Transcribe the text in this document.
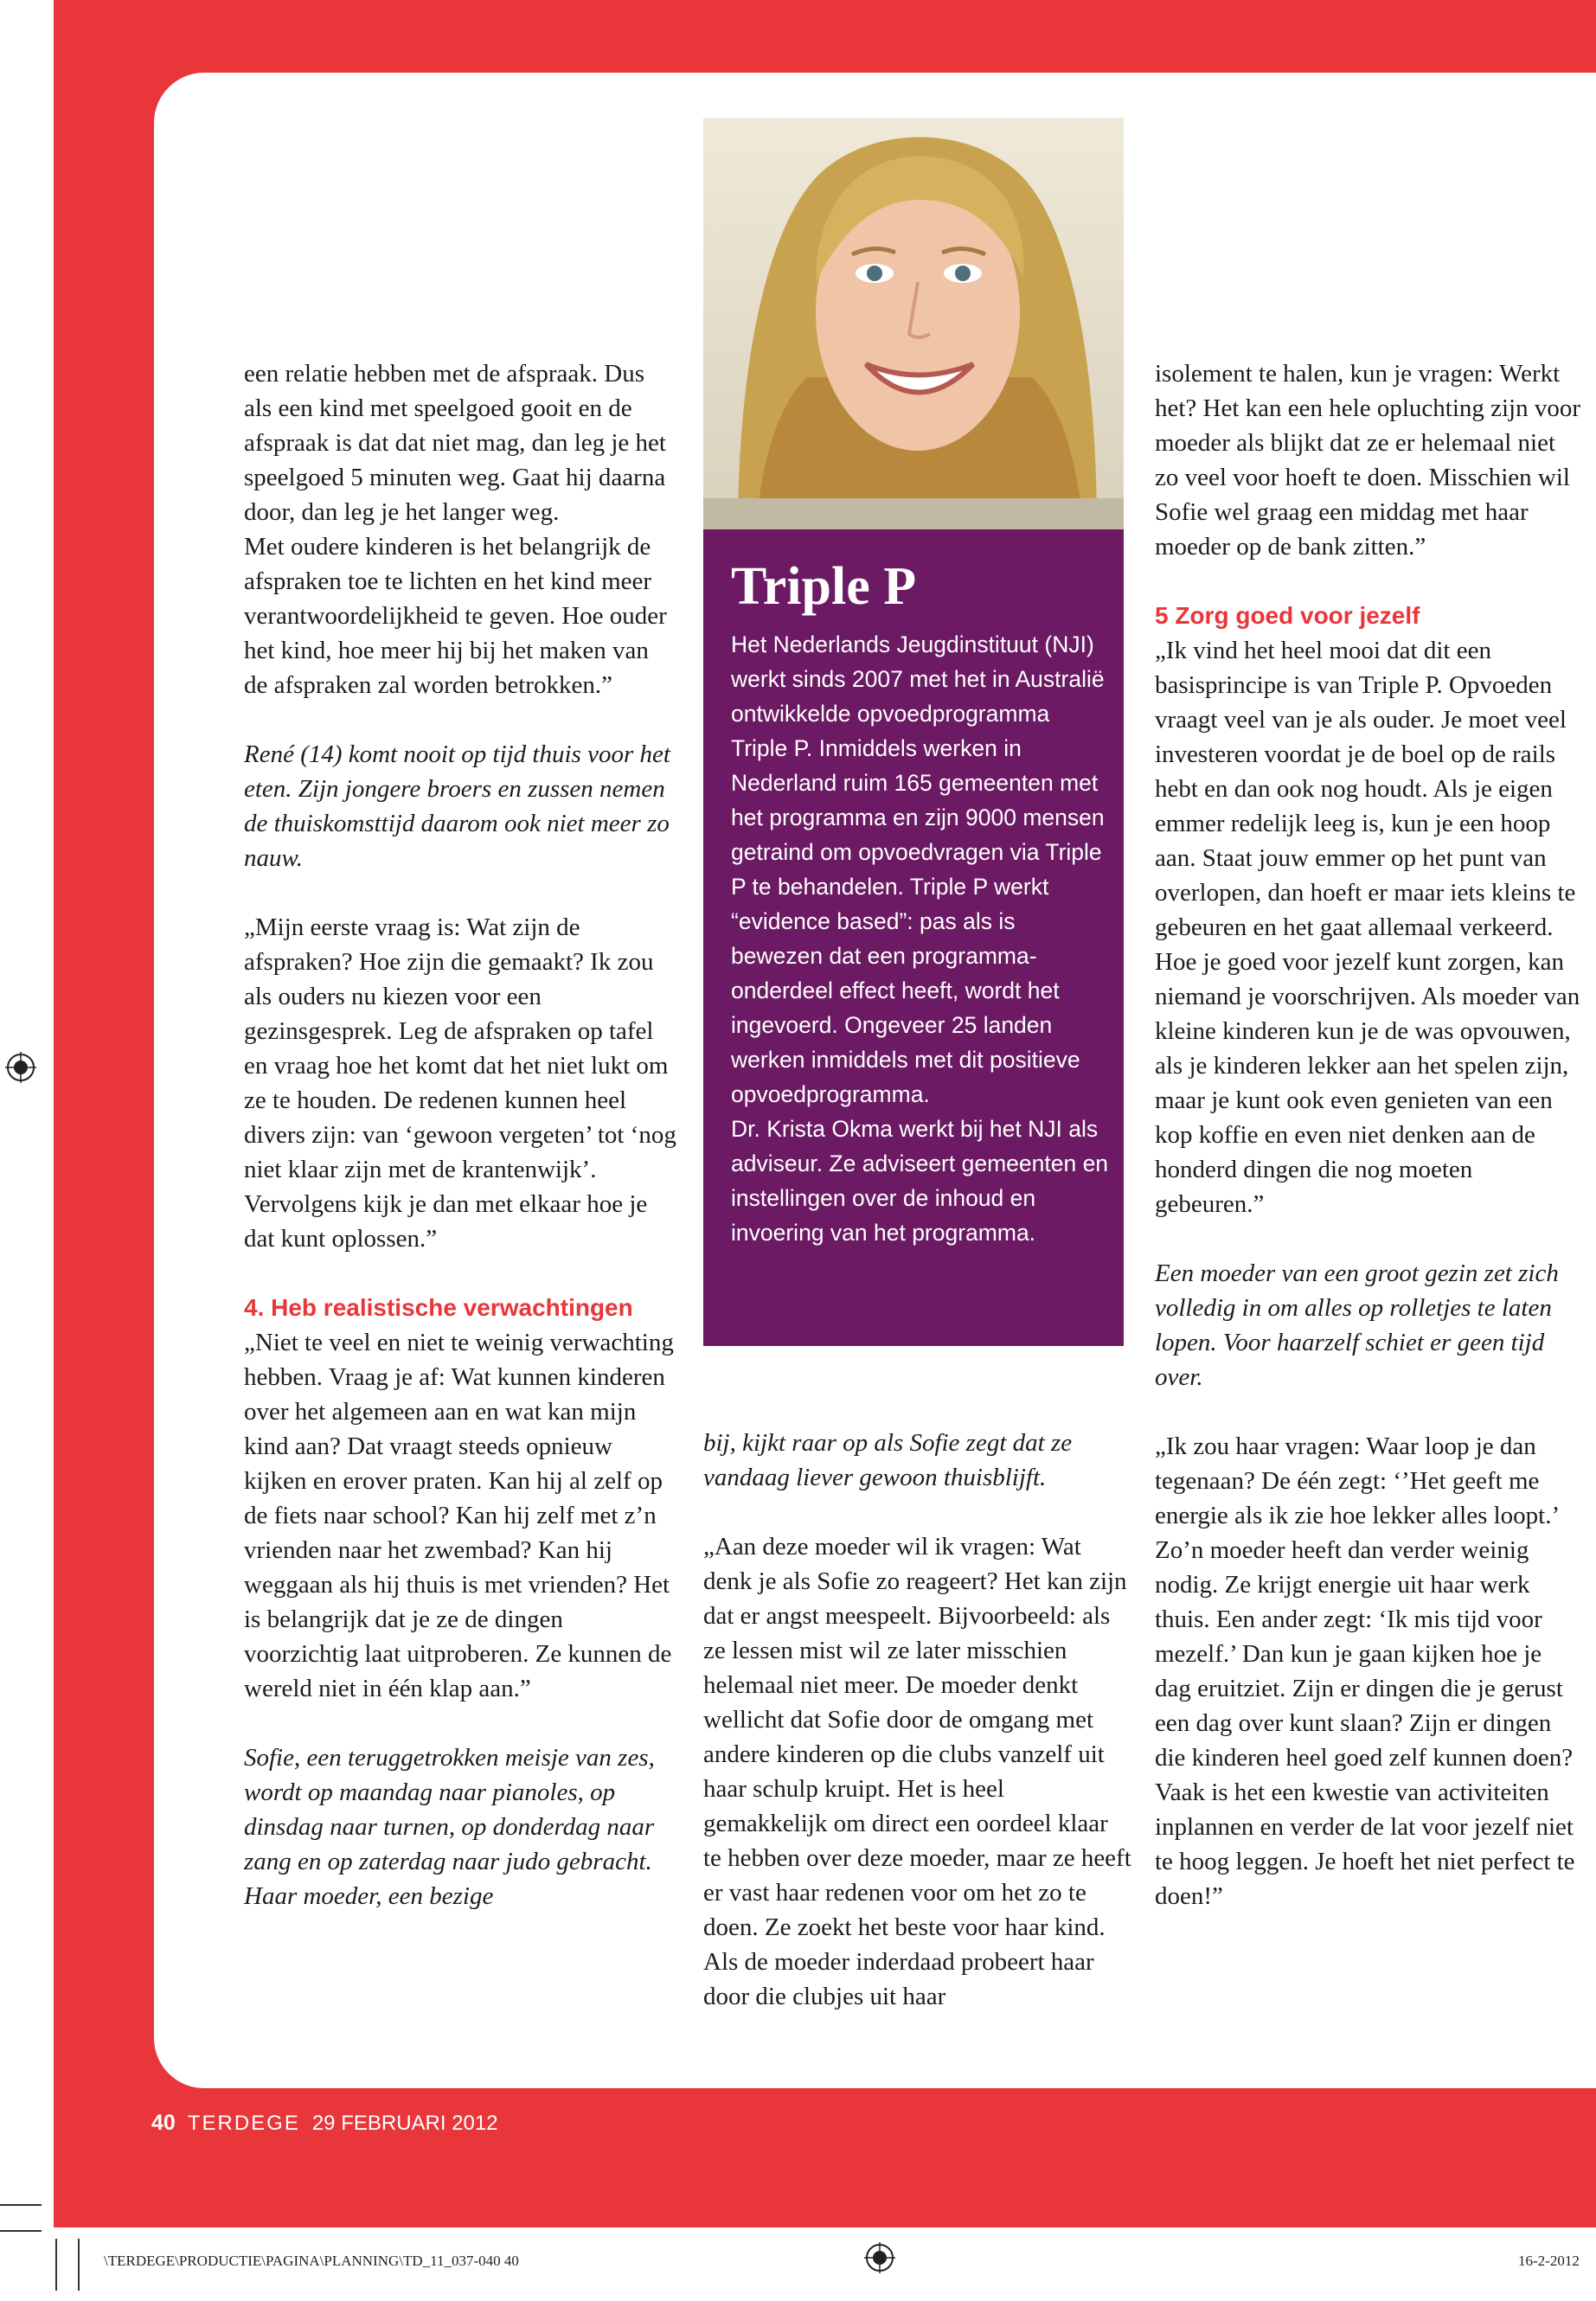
een relatie hebben met de afspraak. Dus als een kind met speelgoed gooit en de afspraak is dat dat niet mag, dan leg je het speelgoed 5 minuten weg. Gaat hij daarna door, dan leg je het langer weg.

Met oudere kinderen is het belangrijk de afspraken toe te lichten en het kind meer verantwoordelijkheid te geven. Hoe ouder het kind, hoe meer hij bij het maken van de afspraken zal worden betrokken.”

René (14) komt nooit op tijd thuis voor het eten. Zijn jongere broers en zussen nemen de thuiskomsttijd daarom ook niet meer zo nauw.

„Mijn eerste vraag is: Wat zijn de afspraken? Hoe zijn die gemaakt? Ik zou als ouders nu kiezen voor een gezinsgesprek. Leg de afspraken op tafel en vraag hoe het komt dat het niet lukt om ze te houden. De redenen kunnen heel divers zijn: van ‘gewoon vergeten’ tot ‘nog niet klaar zijn met de krantenwijk’. Vervolgens kijk je dan met elkaar hoe je dat kunt oplossen.”

4. Heb realistische verwachtingen

„Niet te veel en niet te weinig verwachting hebben. Vraag je af: Wat kunnen kinderen over het algemeen aan en wat kan mijn kind aan? Dat vraagt steeds opnieuw kijken en erover praten. Kan hij al zelf op de fiets naar school? Kan hij zelf met z’n vrienden naar het zwembad? Kan hij weggaan als hij thuis is met vrienden? Het is belangrijk dat je ze de dingen voorzichtig laat uitproberen. Ze kunnen de wereld niet in één klap aan.”

Sofie, een teruggetrokken meisje van zes, wordt op maandag naar pianoles, op dinsdag naar turnen, op donderdag naar zang en op zaterdag naar judo gebracht. Haar moeder, een bezige

Triple P

Het Nederlands Jeugdinstituut (NJI) werkt sinds 2007 met het in Australië ontwikkelde opvoedprogramma Triple P. Inmiddels werken in Nederland ruim 165 gemeenten met het programma en zijn 9000 mensen getraind om opvoedvragen via Triple P te behandelen. Triple P werkt “evidence based”: pas als is bewezen dat een programma-onderdeel effect heeft, wordt het ingevoerd. Ongeveer 25 landen werken inmiddels met dit positieve opvoedprogramma.

Dr. Krista Okma werkt bij het NJI als adviseur. Ze adviseert gemeenten en instellingen over de inhoud en invoering van het programma.

bij, kijkt raar op als Sofie zegt dat ze vandaag liever gewoon thuisblijft.

„Aan deze moeder wil ik vragen: Wat denk je als Sofie zo reageert? Het kan zijn dat er angst meespeelt. Bijvoorbeeld: als ze lessen mist wil ze later misschien helemaal niet meer. De moeder denkt wellicht dat Sofie door de omgang met andere kinderen op die clubs vanzelf uit haar schulp kruipt. Het is heel gemakkelijk om direct een oordeel klaar te hebben over deze moeder, maar ze heeft er vast haar redenen voor om het zo te doen. Ze zoekt het beste voor haar kind. Als de moeder inderdaad probeert haar door die clubjes uit haar

isolement te halen, kun je vragen: Werkt het? Het kan een hele opluchting zijn voor moeder als blijkt dat ze er helemaal niet zo veel voor hoeft te doen. Misschien wil Sofie wel graag een middag met haar moeder op de bank zitten.”

5 Zorg goed voor jezelf

„Ik vind het heel mooi dat dit een basisprincipe is van Triple P. Opvoeden vraagt veel van je als ouder. Je moet veel investeren voordat je de boel op de rails hebt en dan ook nog houdt. Als je eigen emmer redelijk leeg is, kun je een hoop aan. Staat jouw emmer op het punt van overlopen, dan hoeft er maar iets kleins te gebeuren en het gaat allemaal verkeerd. Hoe je goed voor jezelf kunt zorgen, kan niemand je voorschrijven. Als moeder van kleine kinderen kun je de was opvouwen, als je kinderen lekker aan het spelen zijn, maar je kunt ook even genieten van een kop koffie en even niet denken aan de honderd dingen die nog moeten gebeuren.”

Een moeder van een groot gezin zet zich volledig in om alles op rolletjes te laten lopen. Voor haarzelf schiet er geen tijd over.

„Ik zou haar vragen: Waar loop je dan tegenaan? De één zegt: ‘’Het geeft me energie als ik zie hoe lekker alles loopt.’ Zo’n moeder heeft dan verder weinig nodig. Ze krijgt energie uit haar werk thuis. Een ander zegt: ‘Ik mis tijd voor mezelf.’ Dan kun je gaan kijken hoe je dag eruitziet. Zijn er dingen die je gerust een dag over kunt slaan? Zijn er dingen die kinderen heel goed zelf kunnen doen? Vaak is het een kwestie van activiteiten inplannen en verder de lat voor jezelf niet te hoog leggen. Je hoeft het niet perfect te doen!”

40 TERDEGE 29 FEBRUARI 2012
\TERDEGE\PRODUCTIE\PAGINA\PLANNING\TD_11_037-040 40	16-2-2012
